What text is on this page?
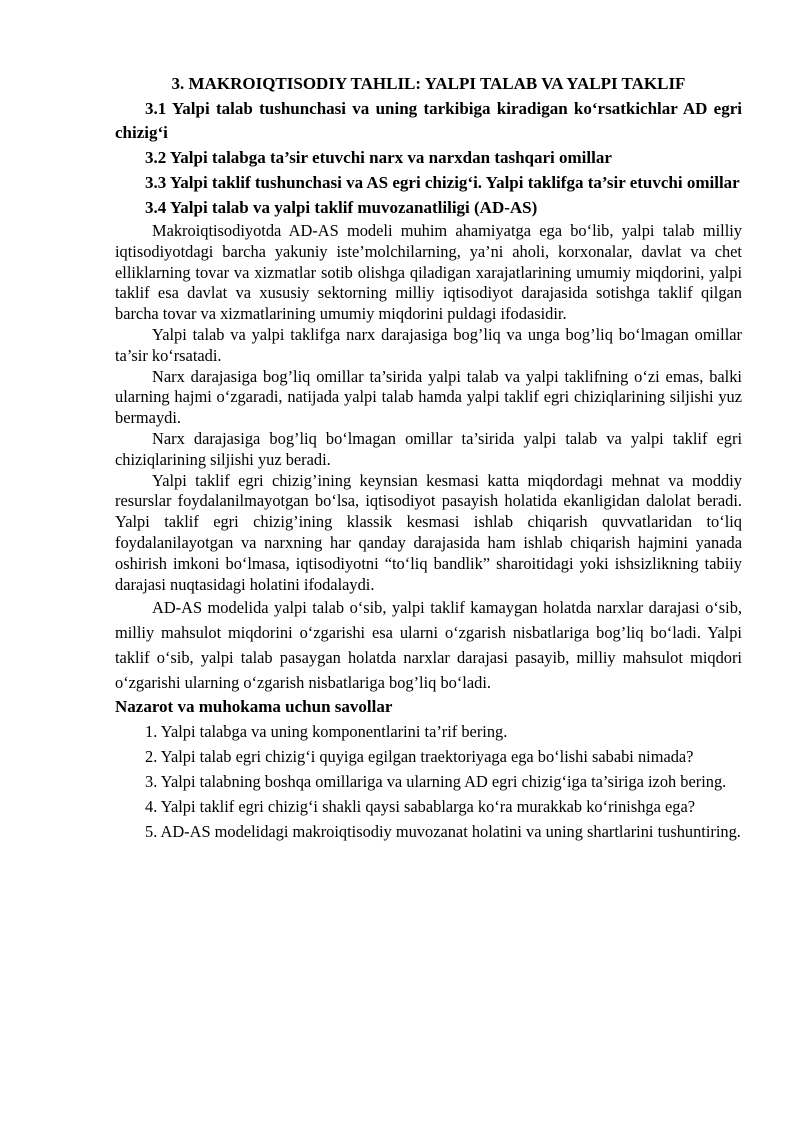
3. MAKROIQTISODIY TAHLIL: YALPI TALAB VA YALPI TAKLIF
3.1 Yalpi talab tushunchasi va uning tarkibiga kiradigan koʻrsatkichlar AD egri chizigʻi
3.2 Yalpi talabga ta’sir etuvchi narx va narxdan tashqari omillar
3.3 Yalpi taklif tushunchasi va AS egri chizigʻi. Yalpi taklifga ta’sir etuvchi omillar
3.4 Yalpi talab va yalpi taklif muvozanatliligi (AD-AS)

Makroiqtisodiyotda AD-AS modeli muhim ahamiyatga ega bo‘lib, yalpi talab milliy iqtisodiyotdagi barcha yakuniy iste’molchilarning, ya’ni aholi, korxonalar, davlat va chet elliklarning tovar va xizmatlar sotib olishga qiladigan xarajatlarining umumiy miqdorini, yalpi taklif esa davlat va xususiy sektorning milliy iqtisodiyot darajasida sotishga taklif qilgan barcha tovar va xizmatlarining umumiy miqdorini puldagi ifodasidir.

Yalpi talab va yalpi taklifga narx darajasiga bog’liq va unga bog’liq bo‘lmagan omillar ta’sir ko‘rsatadi.

Narx darajasiga bog’liq omillar ta’sirida yalpi talab va yalpi taklifning o‘zi emas, balki ularning hajmi o‘zgaradi, natijada yalpi talab hamda yalpi taklif egri chiziqlarining siljishi yuz bermaydi.

Narx darajasiga bog’liq bo‘lmagan omillar ta’sirida yalpi talab va yalpi taklif egri chiziqlarining siljishi yuz beradi.

Yalpi taklif egri chizig’ining keynsian kesmasi katta miqdordagi mehnat va moddiy resurslar foydalanilmayotgan bo‘lsa, iqtisodiyot pasayish holatida ekanligidan dalolat beradi. Yalpi taklif egri chizig’ining klassik kesmasi ishlab chiqarish quvvatlaridan to‘liq foydalanilayotgan va narxning har qanday darajasida ham ishlab chiqarish hajmini yanada oshirish imkoni bo‘lmasa, iqtisodiyotni “to‘liq bandlik” sharoitidagi yoki ishsizlikning tabiiy darajasi nuqtasidagi holatini ifodalaydi.

AD-AS modelida yalpi talab o‘sib, yalpi taklif kamaygan holatda narxlar darajasi o‘sib, milliy mahsulot miqdorini o‘zgarishi esa ularni o‘zgarish nisbatlariga bog’liq bo‘ladi. Yalpi taklif o‘sib, yalpi talab pasaygan holatda narxlar darajasi pasayib, milliy mahsulot miqdori o‘zgarishi ularning o‘zgarish nisbatlariga bog’liq bo‘ladi.

Nazarot va muhokama uchun savollar

1. Yalpi talabga va uning komponentlarini ta’rif bering.

2. Yalpi talab egri chizigʻi quyiga egilgan traektoriyaga ega boʻlishi sababi nimada?

3. Yalpi talabning boshqa omillariga va ularning AD egri chizigʻiga ta’siriga izoh bering.

4. Yalpi taklif egri chizigʻi shakli qaysi sabablarga koʻra murakkab koʻrinishga ega?

5. AD-AS modelidagi makroiqtisodiy muvozanat holatini va uning shartlarini tushuntiring.
